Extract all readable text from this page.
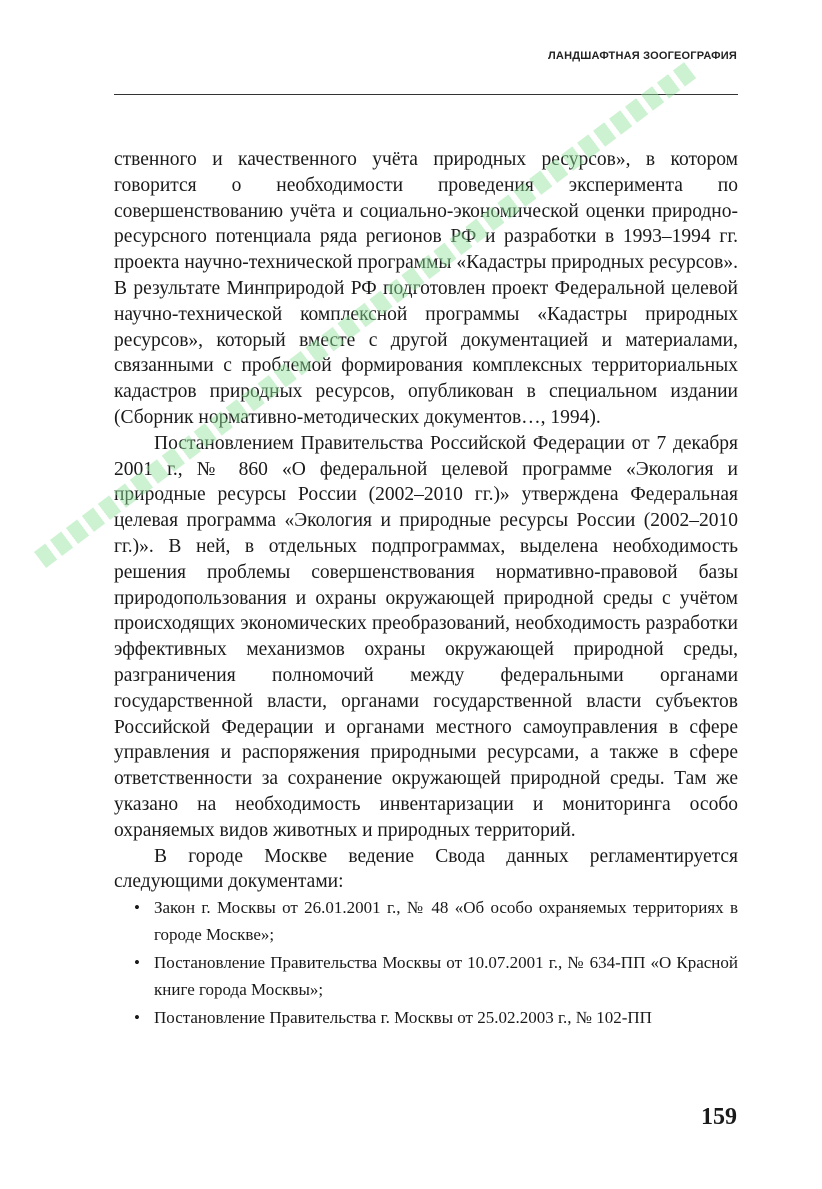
ЛАНДШАФТНАЯ ЗООГЕОГРАФИЯ

ственного и качественного учёта природных ресурсов», в котором говорится о необходимости проведения эксперимента по совершенствованию учёта и социально-экономической оценки природно-ресурсного потенциала ряда регионов РФ и разработки в 1993–1994 гг. проекта научно-технической программы «Кадастры природных ресурсов». В результате Минприродой РФ подготовлен проект Федеральной целевой научно-технической комплексной программы «Кадастры природных ресурсов», который вместе с другой документацией и материалами, связанными с проблемой формирования комплексных территориальных кадастров природных ресурсов, опубликован в специальном издании (Сборник нормативно-методических документов…, 1994).

Постановлением Правительства Российской Федерации от 7 декабря 2001 г., № 860 «О федеральной целевой программе «Экология и природные ресурсы России (2002–2010 гг.)» утверждена Федеральная целевая программа «Экология и природные ресурсы России (2002–2010 гг.)». В ней, в отдельных подпрограммах, выделена необходимость решения проблемы совершенствования нормативно-правовой базы природопользования и охраны окружающей природной среды с учётом происходящих экономических преобразований, необходимость разработки эффективных механизмов охраны окружающей природной среды, разграничения полномочий между федеральными органами государственной власти, органами государственной власти субъектов Российской Федерации и органами местного самоуправления в сфере управления и распоряжения природными ресурсами, а также в сфере ответственности за сохранение окружающей природной среды. Там же указано на необходимость инвентаризации и мониторинга особо охраняемых видов животных и природных территорий.

В городе Москве ведение Свода данных регламентируется следующими документами:

• Закон г. Москвы от 26.01.2001 г., № 48 «Об особо охраняемых территориях в городе Москве»;
• Постановление Правительства Москвы от 10.07.2001 г., № 634-ПП «О Красной книге города Москвы»;
• Постановление Правительства г. Москвы от 25.02.2003 г., № 102-ПП
159
